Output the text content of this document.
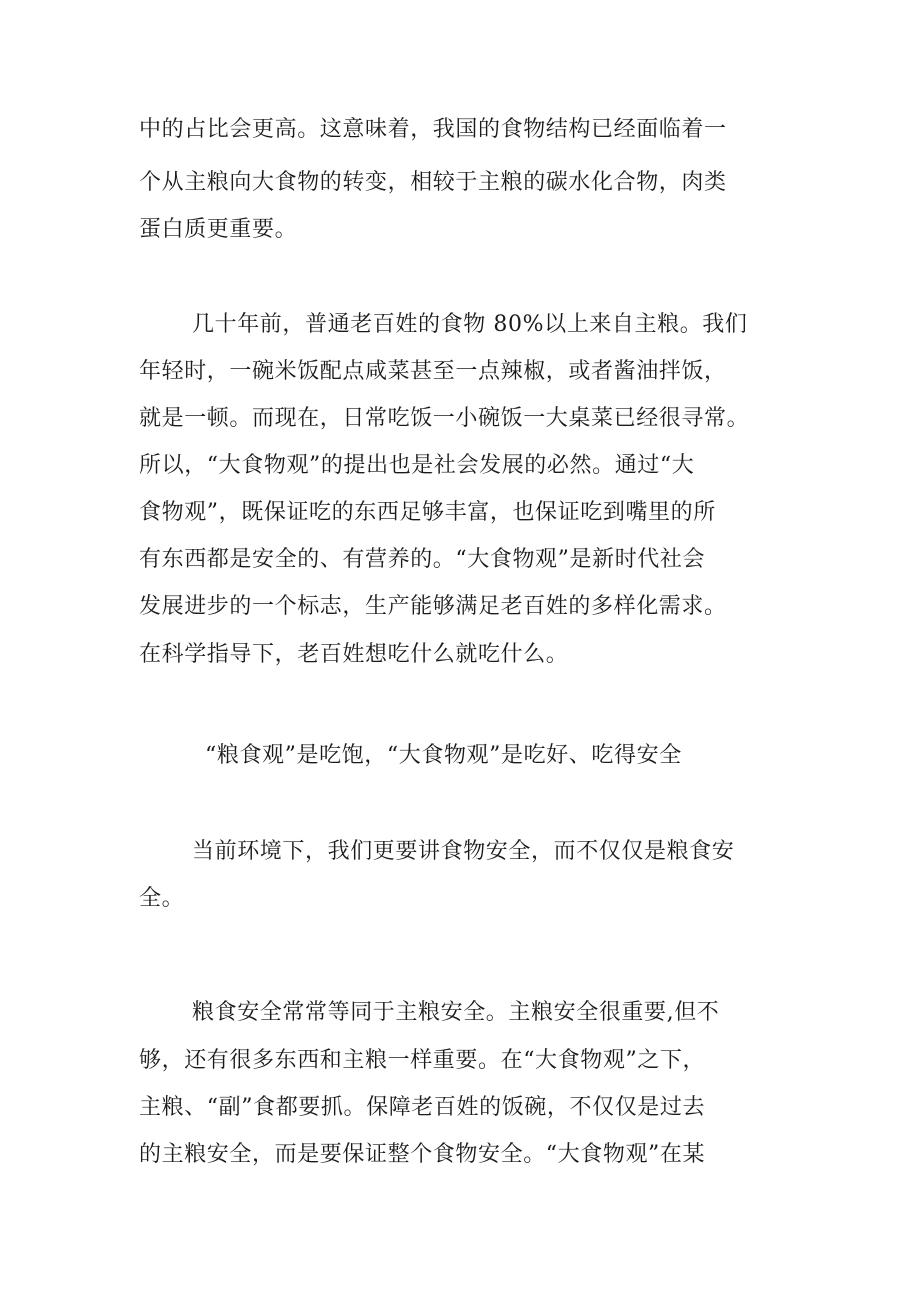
中的占比会更高。这意味着，我国的食物结构已经面临着一
个从主粮向大食物的转变，相较于主粮的碳水化合物，肉类
蛋白质更重要。
几十年前，普通老百姓的食物 80%以上来自主粮。我们
年轻时，一碗米饭配点咸菜甚至一点辣椒，或者酱油拌饭，
就是一顿。而现在，日常吃饭一小碗饭一大桌菜已经很寻常。
所以，“大食物观”的提出也是社会发展的必然。通过“大
食物观”，既保证吃的东西足够丰富，也保证吃到嘴里的所
有东西都是安全的、有营养的。“大食物观”是新时代社会
发展进步的一个标志，生产能够满足老百姓的多样化需求。
在科学指导下，老百姓想吃什么就吃什么。
“粮食观”是吃饱，“大食物观”是吃好、吃得安全
当前环境下，我们更要讲食物安全，而不仅仅是粮食安
全。
粮食安全常常等同于主粮安全。主粮安全很重要,但不
够，还有很多东西和主粮一样重要。在“大食物观”之下，
主粮、“副”食都要抓。保障老百姓的饭碗，不仅仅是过去
的主粮安全，而是要保证整个食物安全。“大食物观”在某
